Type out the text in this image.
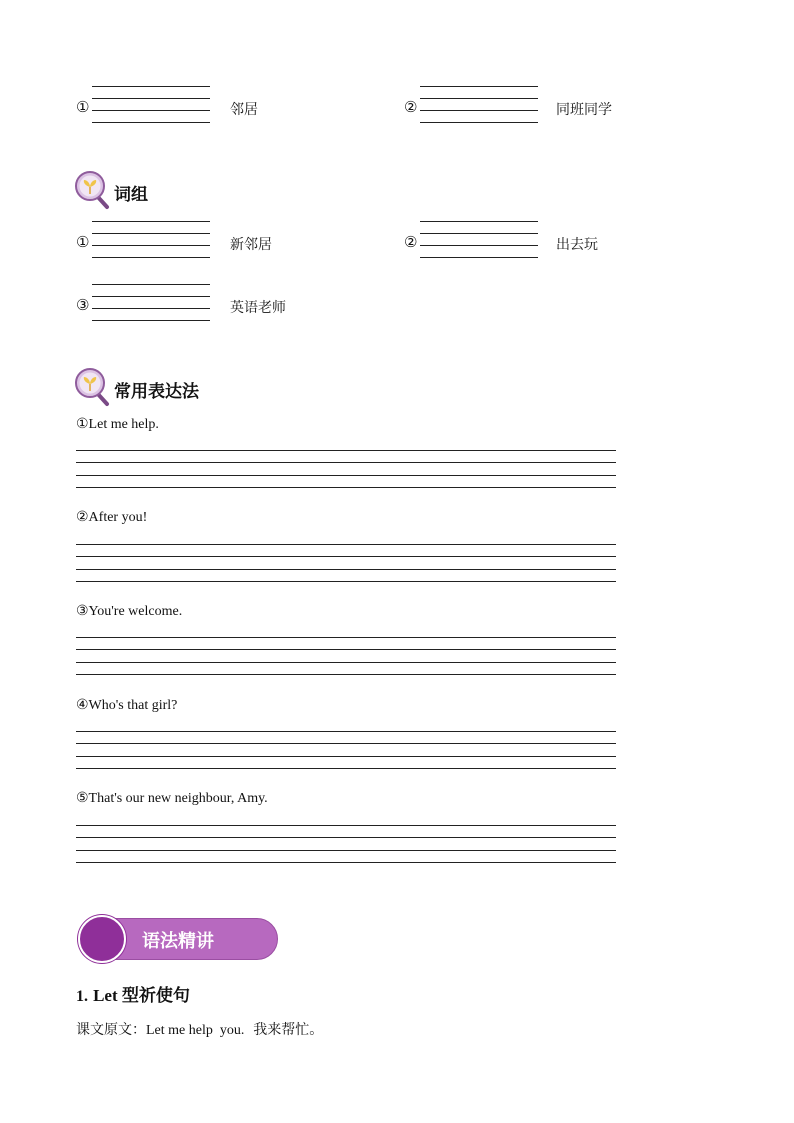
①	邻居	②	同班同学
词组
①	新邻居	②	出去玩
③	英语老师
常用表达法
①Let me help.
②After you!
③You're welcome.
④Who's that girl?
⑤That's our new neighbour, Amy.
语法精讲
1. Let 型祈使句
课文原文：Let me help  you. 我来帮忙。
